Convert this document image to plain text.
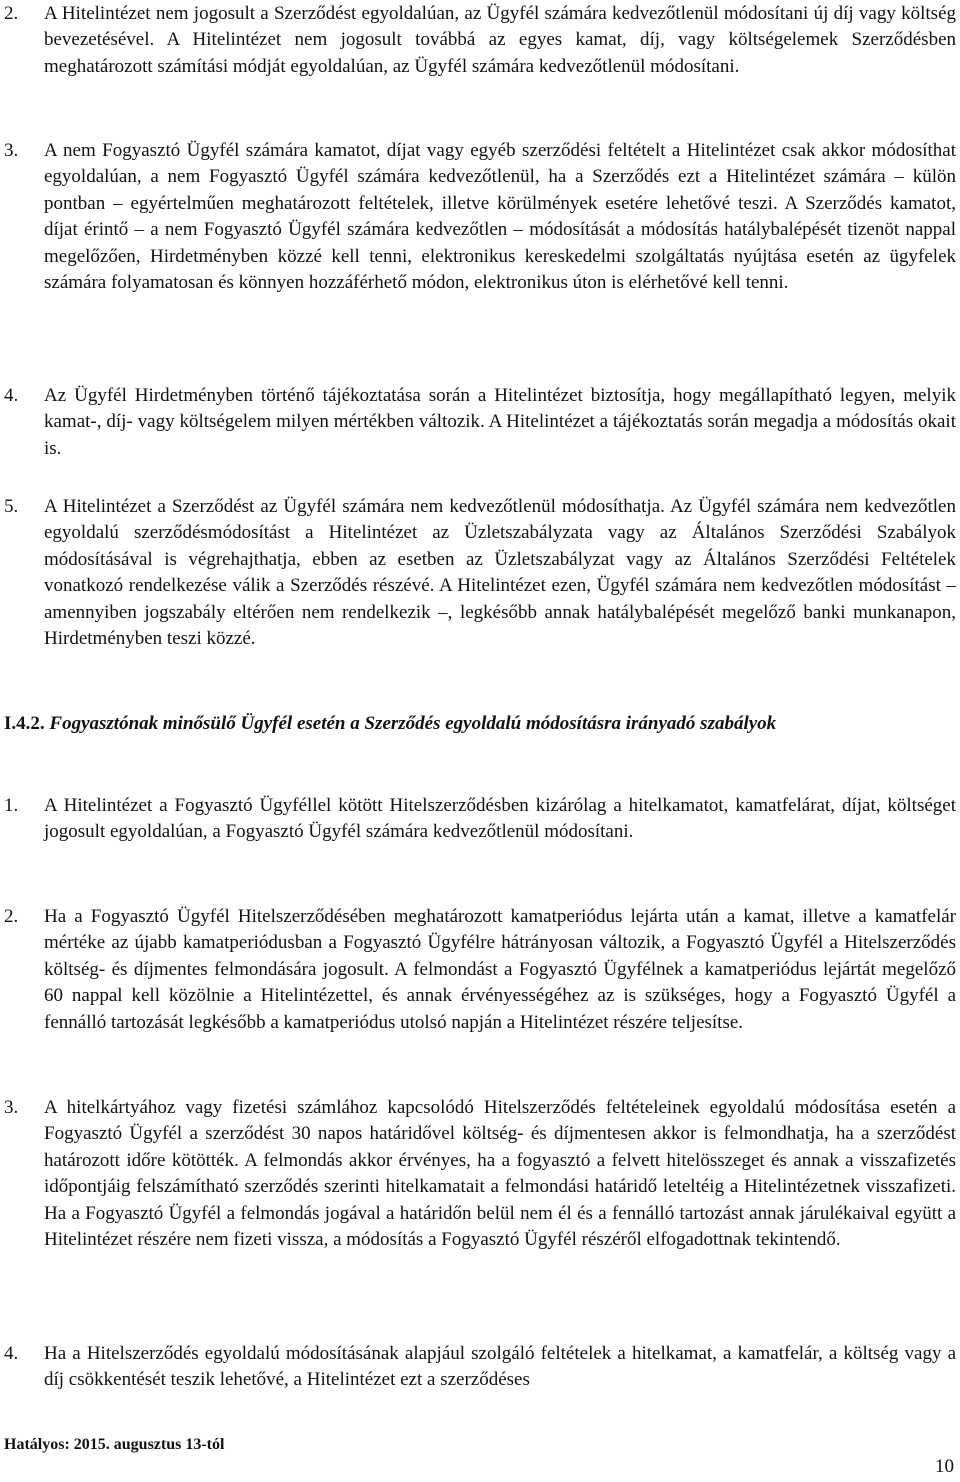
2.	A Hitelintézet nem jogosult a Szerződést egyoldalúan, az Ügyfél számára kedvezőtlenül módosítani új díj vagy költség bevezetésével. A Hitelintézet nem jogosult továbbá az egyes kamat, díj, vagy költségelemek Szerződésben meghatározott számítási módját egyoldalúan, az Ügyfél számára kedvezőtlenül módosítani.

3.	A nem Fogyasztó Ügyfél számára kamatot, díjat vagy egyéb szerződési feltételt a Hitelintézet csak akkor módosíthat egyoldalúan, a nem Fogyasztó Ügyfél számára kedvezőtlenül, ha a Szerződés ezt a Hitelintézet számára – külön pontban – egyértelműen meghatározott feltételek, illetve körülmények esetére lehetővé teszi. A Szerződés kamatot, díjat érintő – a nem Fogyasztó Ügyfél számára kedvezőtlen – módosítását a módosítás hatálybalépését tizenöt nappal megelőzően, Hirdetményben közzé kell tenni, elektronikus kereskedelmi szolgáltatás nyújtása esetén az ügyfelek számára folyamatosan és könnyen hozzáférhető módon, elektronikus úton is elérhetővé kell tenni.

4.	Az Ügyfél Hirdetményben történő tájékoztatása során a Hitelintézet biztosítja, hogy megállapítható legyen, melyik kamat-, díj- vagy költségelem milyen mértékben változik. A Hitelintézet a tájékoztatás során megadja a módosítás okait is.

5.	A Hitelintézet a Szerződést az Ügyfél számára nem kedvezőtlenül módosíthatja. Az Ügyfél számára nem kedvezőtlen egyoldalú szerződésmódosítást a Hitelintézet az Üzletszabályzata vagy az Általános Szerződési Szabályok módosításával is végrehajthatja, ebben az esetben az Üzletszabályzat vagy az Általános Szerződési Feltételek vonatkozó rendelkezése válik a Szerződés részévé. A Hitelintézet ezen, Ügyfél számára nem kedvezőtlen módosítást – amennyiben jogszabály eltérően nem rendelkezik –, legkésőbb annak hatálybalépését megelőző banki munkanapon, Hirdetményben teszi közzé.

I.4.2. Fogyasztónak minősülő Ügyfél esetén a Szerződés egyoldalú módosításra irányadó szabályok

1.	A Hitelintézet a Fogyasztó Ügyféllel kötött Hitelszerződésben kizárólag a hitelkamatot, kamatfelárat, díjat, költséget jogosult egyoldalúan, a Fogyasztó Ügyfél számára kedvezőtlenül módosítani.

2.	Ha a Fogyasztó Ügyfél Hitelszerződésében meghatározott kamatperiódus lejárta után a kamat, illetve a kamatfelár mértéke az újabb kamatperiódusban a Fogyasztó Ügyfélre hátrányosan változik, a Fogyasztó Ügyfél a Hitelszerződés költség- és díjmentes felmondására jogosult. A felmondást a Fogyasztó Ügyfélnek a kamatperiódus lejártát megelőző 60 nappal kell közölnie a Hitelintézettel, és annak érvényességéhez az is szükséges, hogy a Fogyasztó Ügyfél a fennálló tartozását legkésőbb a kamatperiódus utolsó napján a Hitelintézet részére teljesítse.

3.	A hitelkártyához vagy fizetési számlához kapcsolódó Hitelszerződés feltételeinek egyoldalú módosítása esetén a Fogyasztó Ügyfél a szerződést 30 napos határidővel költség- és díjmentesen akkor is felmondhatja, ha a szerződést határozott időre kötötték. A felmondás akkor érvényes, ha a fogyasztó a felvett hitelösszeget és annak a visszafizetés időpontjáig felszámítható szerződés szerinti hitelkamatait a felmondási határidő leteltéig a Hitelintézetnek visszafizeti. Ha a Fogyasztó Ügyfél a felmondás jogával a határidőn belül nem él és a fennálló tartozást annak járulékaival együtt a Hitelintézet részére nem fizeti vissza, a módosítás a Fogyasztó Ügyfél részéről elfogadottnak tekintendő.

4.	Ha a Hitelszerződés egyoldalú módosításának alapjául szolgáló feltételek a hitelkamat, a kamatfelár, a költség vagy a díj csökkentését teszik lehetővé, a Hitelintézet ezt a szerződéses

Hatályos: 2015. augusztus 13-tól
10
